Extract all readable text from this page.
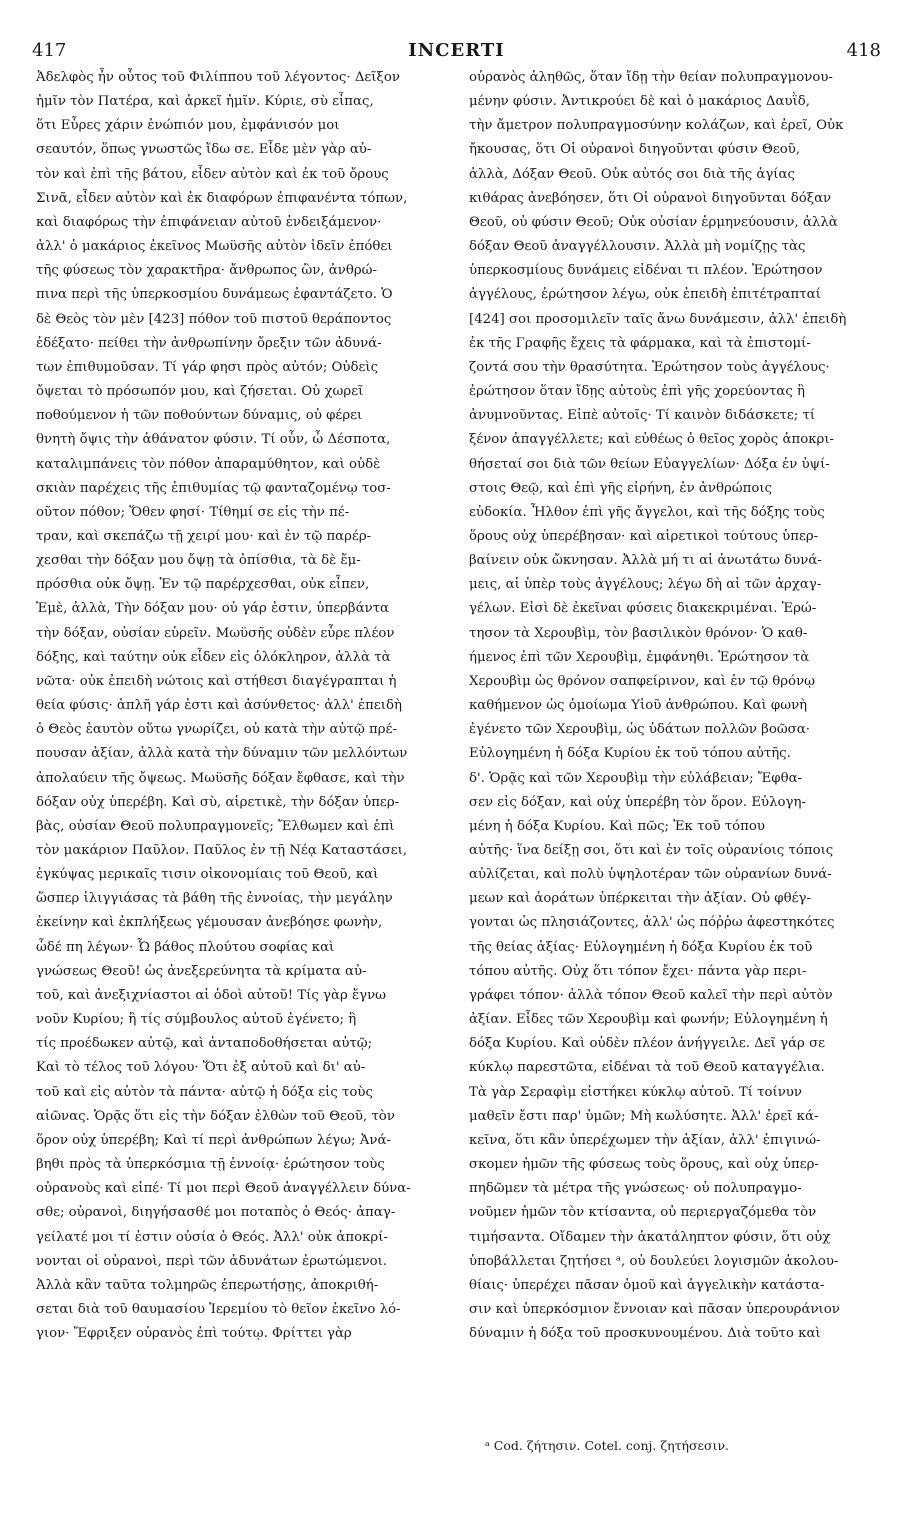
417	INCERTI	418
Ἀδελφὸς ἦν οὗτος τοῦ Φιλίππου τοῦ λέγοντος· Δεῖξον
ἡμῖν τὸν Πατέρα, καὶ ἀρκεῖ ἡμῖν. Κύριε, σὺ εἶπας,
ὅτι Εὗρες χάριν ἐνώπιόν μου, ἐμφάνισόν μοι
σεαυτόν, ὅπως γνωστῶς ἴδω σε. Εἶδε μὲν γὰρ αὐ-
τὸν καὶ ἐπὶ τῆς βάτου, εἶδεν αὐτὸν καὶ ἐκ τοῦ ὄρους
Σινᾶ, εἶδεν αὐτὸν καὶ ἐκ διαφόρων ἐπιφανέντα τόπων,
καὶ διαφόρως τὴν ἐπιφάνειαν αὐτοῦ ἐνδειξάμενον·
ἀλλ' ὁ μακάριος ἐκεῖνος Μωϋσῆς αὐτὸν ἰδεῖν ἐπόθει
τῆς φύσεως τὸν χαρακτῆρα· ἄνθρωπος ὢν, ἀνθρώ-
πινα περὶ τῆς ὑπερκοσμίου δυνάμεως ἐφαντάζετο. Ὁ
δὲ Θεὸς τὸν μὲν [423] πόθον τοῦ πιστοῦ θεράποντος
ἐδέξατο· πείθει τὴν ἀνθρωπίνην ὄρεξιν τῶν ἀδυνά-
των ἐπιθυμοῦσαν. Τί γάρ φησι πρὸς αὐτόν; Οὐδεὶς
ὄψεται τὸ πρόσωπόν μου, καὶ ζήσεται. Οὐ χωρεῖ
ποθούμενον ἡ τῶν ποθούντων δύναμις, οὐ φέρει
θνητὴ ὄψις τὴν ἀθάνατον φύσιν. Τί οὖν, ὦ Δέσποτα,
καταλιμπάνεις τὸν πόθον ἀπαραμύθητον, καὶ οὐδὲ
σκιὰν παρέχεις τῆς ἐπιθυμίας τῷ φανταζομένῳ τοσ-
οῦτον πόθον; Ὅθεν φησί· Τίθημί σε εἰς τὴν πέ-
τραν, καὶ σκεπάζω τῇ χειρί μου· καὶ ἐν τῷ παρέρ-
χεσθαι τὴν δόξαν μου ὄψῃ τὰ ὀπίσθια, τὰ δὲ ἔμ-
πρόσθια οὐκ ὄψῃ. Ἐν τῷ παρέρχεσθαι, οὐκ εἶπεν,
Ἐμὲ, ἀλλὰ, Τὴν δόξαν μου· οὐ γάρ ἐστιν, ὑπερβάντα
τὴν δόξαν, οὐσίαν εὑρεῖν. Μωϋσῆς οὐδὲν εὗρε πλέον
δόξης, καὶ ταύτην οὐκ εἶδεν εἰς ὁλόκληρον, ἀλλὰ τὰ
νῶτα· οὐκ ἐπειδὴ νώτοις καὶ στήθεσι διαγέγραπται ἡ
θεία φύσις· ἁπλῆ γάρ ἐστι καὶ ἀσύνθετος· ἀλλ' ἐπειδὴ
ὁ Θεὸς ἑαυτὸν οὕτω γνωρίζει, οὐ κατὰ τὴν αὐτῷ πρέ-
πουσαν ἀξίαν, ἀλλὰ κατὰ τὴν δύναμιν τῶν μελλόντων
ἀπολαύειν τῆς ὄψεως. Μωϋσῆς δόξαν ἔφθασε, καὶ τὴν
δόξαν οὐχ ὑπερέβη. Καὶ σὺ, αἱρετικὲ, τὴν δόξαν ὑπερ-
βὰς, οὐσίαν Θεοῦ πολυπραγμονεῖς; Ἔλθωμεν καὶ ἐπὶ
τὸν μακάριον Παῦλον. Παῦλος ἐν τῇ Νέᾳ Καταστάσει,
ἐγκύψας μερικαῖς τισιν οἰκονομίαις τοῦ Θεοῦ, καὶ
ὥσπερ ἰλιγγιάσας τὰ βάθη τῆς ἐννοίας, τὴν μεγάλην
ἐκείνην καὶ ἐκπλήξεως γέμουσαν ἀνεβόησε φωνὴν,
ὧδέ πη λέγων· Ὦ βάθος πλούτου σοφίας καὶ
γνώσεως Θεοῦ! ὡς ἀνεξερεύνητα τὰ κρίματα αὐ-
τοῦ, καὶ ἀνεξιχνίαστοι αἱ ὁδοὶ αὐτοῦ! Τίς γὰρ ἔγνω
νοῦν Κυρίου; ἢ τίς σύμβουλος αὐτοῦ ἐγένετο; ἢ
τίς προέδωκεν αὐτῷ, καὶ ἀνταποδοθήσεται αὐτῷ;
Καὶ τὸ τέλος τοῦ λόγου· Ὅτι ἐξ αὐτοῦ καὶ δι' αὐ-
τοῦ καὶ εἰς αὐτὸν τὰ πάντα· αὐτῷ ἡ δόξα εἰς τοὺς
αἰῶνας. Ὁρᾷς ὅτι εἰς τὴν δόξαν ἐλθὼν τοῦ Θεοῦ, τὸν
ὅρον οὐχ ὑπερέβη; Καὶ τί περὶ ἀνθρώπων λέγω; Ἀνά-
βηθι πρὸς τὰ ὑπερκόσμια τῇ ἐννοίᾳ· ἐρώτησον τοὺς
οὐρανοὺς καὶ εἰπέ· Τί μοι περὶ Θεοῦ ἀναγγέλλειν δύνα-
σθε; οὐρανοὶ, διηγήσασθέ μοι ποταπὸς ὁ Θεός· ἀπαγ-
γείλατέ μοι τί ἐστιν οὐσία ὁ Θεός. Ἀλλ' οὐκ ἀποκρί-
νονται οἱ οὐρανοὶ, περὶ τῶν ἀδυνάτων ἐρωτώμενοι.
Ἀλλὰ κἂν ταῦτα τολμηρῶς ἐπερωτήσῃς, ἀποκριθή-
σεται διὰ τοῦ θαυμασίου Ἱερεμίου τὸ θεῖον ἐκεῖνο λό-
γιον· Ἔφριξεν οὐρανὸς ἐπὶ τούτῳ. Φρίττει γὰρ
οὐρανὸς ἀληθῶς, ὅταν ἴδῃ τὴν θείαν πολυπραγμονου-
μένην φύσιν. Ἀντικρούει δὲ καὶ ὁ μακάριος Δαυῒδ,
τὴν ἄμετρον πολυπραγμοσύνην κολάζων, καὶ ἐρεῖ, Οὐκ
ἤκουσας, ὅτι Οἱ οὐρανοὶ διηγοῦνται φύσιν Θεοῦ,
ἀλλὰ, Δόξαν Θεοῦ. Οὐκ αὐτός σοι διὰ τῆς ἁγίας
κιθάρας ἀνεβόησεν, ὅτι Οἱ οὐρανοὶ διηγοῦνται δόξαν
Θεοῦ, οὐ φύσιν Θεοῦ; Οὐκ οὐσίαν ἑρμηνεύουσιν, ἀλλὰ
δόξαν Θεοῦ ἀναγγέλλουσιν. Ἀλλὰ μὴ νομίζῃς τὰς
ὑπερκοσμίους δυνάμεις εἰδέναι τι πλέον. Ἐρώτησον
ἀγγέλους, ἐρώτησον λέγω, οὐκ ἐπειδὴ ἐπιτέτραπταί
[424] σοι προσομιλεῖν ταῖς ἄνω δυνάμεσιν, ἀλλ' ἐπειδὴ
ἐκ τῆς Γραφῆς ἔχεις τὰ φάρμακα, καὶ τὰ ἐπιστομί-
ζοντά σου τὴν θρασύτητα. Ἐρώτησον τοὺς ἀγγέλους·
ἐρώτησον ὅταν ἴδῃς αὐτοὺς ἐπὶ γῆς χορεύοντας ἢ
ἀνυμνοῦντας. Εἰπὲ αὐτοῖς· Τί καινὸν διδάσκετε; τί
ξένον ἀπαγγέλλετε; καὶ εὐθέως ὁ θεῖος χορὸς ἀποκρι-
θήσεταί σοι διὰ τῶν θείων Εὐαγγελίων· Δόξα ἐν ὑψί-
στοις Θεῷ, καὶ ἐπὶ γῆς εἰρήνη, ἐν ἀνθρώποις
εὐδοκία. Ἦλθον ἐπὶ γῆς ἄγγελοι, καὶ τῆς δόξης τοὺς
ὅρους οὐχ ὑπερέβησαν· καὶ αἱρετικοὶ τούτους ὑπερ-
βαίνειν οὐκ ὤκνησαν. Ἀλλὰ μή τι αἱ ἀνωτάτω δυνά-
μεις, αἱ ὑπὲρ τοὺς ἀγγέλους; λέγω δὴ αἱ τῶν ἀρχαγ-
γέλων. Εἰσὶ δὲ ἐκεῖναι φύσεις διακεκριμέναι. Ἐρώ-
τησον τὰ Χερουβὶμ, τὸν βασιλικὸν θρόνον· Ὁ καθ-
ήμενος ἐπὶ τῶν Χερουβὶμ, ἐμφάνηθι. Ἐρώτησον τὰ
Χερουβὶμ ὡς θρόνον σαπφείρινον, καὶ ἐν τῷ θρόνῳ
καθήμενον ὡς ὁμοίωμα Υἱοῦ ἀνθρώπου. Καὶ φωνὴ
ἐγένετο τῶν Χερουβὶμ, ὡς ὑδάτων πολλῶν βοῶσα·
Εὐλογημένη ἡ δόξα Κυρίου ἐκ τοῦ τόπου αὐτῆς.
δ'. Ὁρᾷς καὶ τῶν Χερουβὶμ τὴν εὐλάβειαν; Ἔφθα-
σεν εἰς δόξαν, καὶ οὐχ ὑπερέβη τὸν ὅρον. Εὐλογη-
μένη ἡ δόξα Κυρίου. Καὶ πῶς; Ἐκ τοῦ τόπου
αὐτῆς· ἵνα δείξῃ σοι, ὅτι καὶ ἐν τοῖς οὐρανίοις τόποις
αὐλίζεται, καὶ πολὺ ὑψηλοτέραν τῶν οὐρανίων δυνά-
μεων καὶ ἀοράτων ὑπέρκειται τὴν ἀξίαν. Οὐ φθέγ-
γονται ὡς πλησιάζοντες, ἀλλ' ὡς πόῤῥω ἀφεστηκότες
τῆς θείας ἀξίας· Εὐλογημένη ἡ δόξα Κυρίου ἐκ τοῦ
τόπου αὐτῆς. Οὐχ ὅτι τόπον ἔχει· πάντα γὰρ περι-
γράφει τόπον· ἀλλὰ τόπον Θεοῦ καλεῖ τὴν περὶ αὐτὸν
ἀξίαν. Εἶδες τῶν Χερουβὶμ καὶ φωνήν; Εὐλογημένη ἡ
δόξα Κυρίου. Καὶ οὐδὲν πλέον ἀνήγγειλε. Δεῖ γάρ σε
κύκλῳ παρεστῶτα, εἰδέναι τὰ τοῦ Θεοῦ καταγγέλια.
Τὰ γὰρ Σεραφὶμ εἱστήκει κύκλῳ αὐτοῦ. Τί τοίνυν
μαθεῖν ἔστι παρ' ὑμῶν; Μὴ κωλύσητε. Ἀλλ' ἐρεῖ κά-
κεῖνα, ὅτι κἂν ὑπερέχωμεν τὴν ἀξίαν, ἀλλ' ἐπιγινώ-
σκομεν ἡμῶν τῆς φύσεως τοὺς ὅρους, καὶ οὐχ ὑπερ-
πηδῶμεν τὰ μέτρα τῆς γνώσεως· οὐ πολυπραγμο-
νοῦμεν ἡμῶν τὸν κτίσαντα, οὐ περιεργαζόμεθα τὸν
τιμήσαντα. Οἴδαμεν τὴν ἀκατάληπτον φύσιν, ὅτι οὐχ
ὑποβάλλεται ζητήσει ᵃ, οὐ δουλεύει λογισμῶν ἀκολου-
θίαις· ὑπερέχει πᾶσαν ὁμοῦ καὶ ἀγγελικὴν κατάστα-
σιν καὶ ὑπερκόσμιον ἔννοιαν καὶ πᾶσαν ὑπερουράνιον
δύναμιν ἡ δόξα τοῦ προσκυνουμένου. Διὰ τοῦτο καὶ
ᵃ Cod. ζήτησιν. Cotel. conj. ζητήσεσιν.
